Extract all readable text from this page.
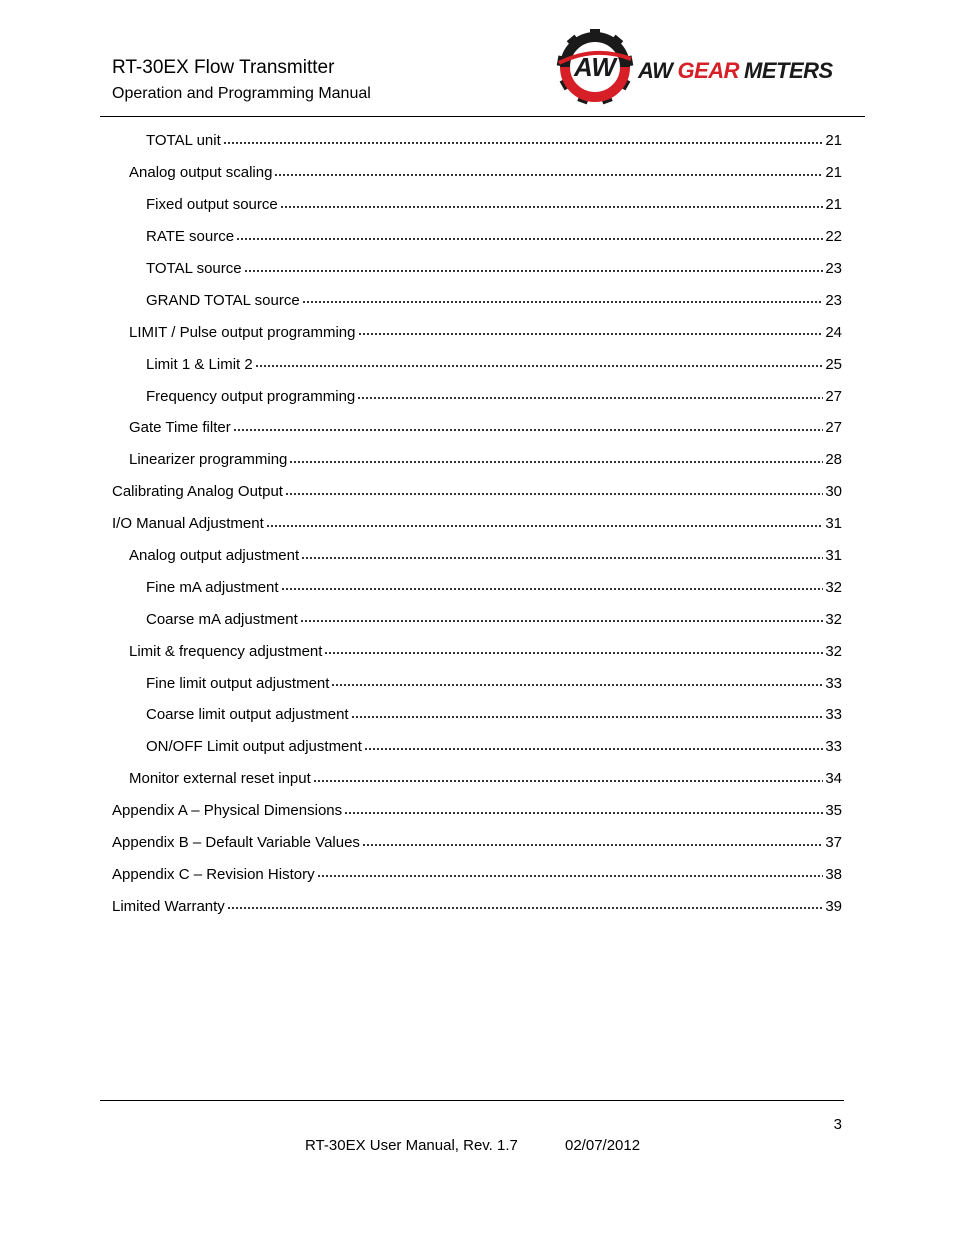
RT-30EX Flow Transmitter
Operation and Programming Manual
AW AW GEAR METERS
TOTAL unit	21
Analog output scaling	21
Fixed output source	21
RATE source	22
TOTAL source	23
GRAND TOTAL source	23
LIMIT / Pulse output programming	24
Limit 1 & Limit 2	25
Frequency output programming	27
Gate Time filter	27
Linearizer programming	28
Calibrating Analog Output	30
I/O Manual Adjustment	31
Analog output adjustment	31
Fine mA adjustment	32
Coarse mA adjustment	32
Limit & frequency adjustment	32
Fine limit output adjustment	33
Coarse limit output adjustment	33
ON/OFF Limit output adjustment	33
Monitor external reset input	34
Appendix A – Physical Dimensions	35
Appendix B – Default Variable Values	37
Appendix C – Revision History	38
Limited Warranty	39
3
RT-30EX User Manual, Rev. 1.7	02/07/2012
